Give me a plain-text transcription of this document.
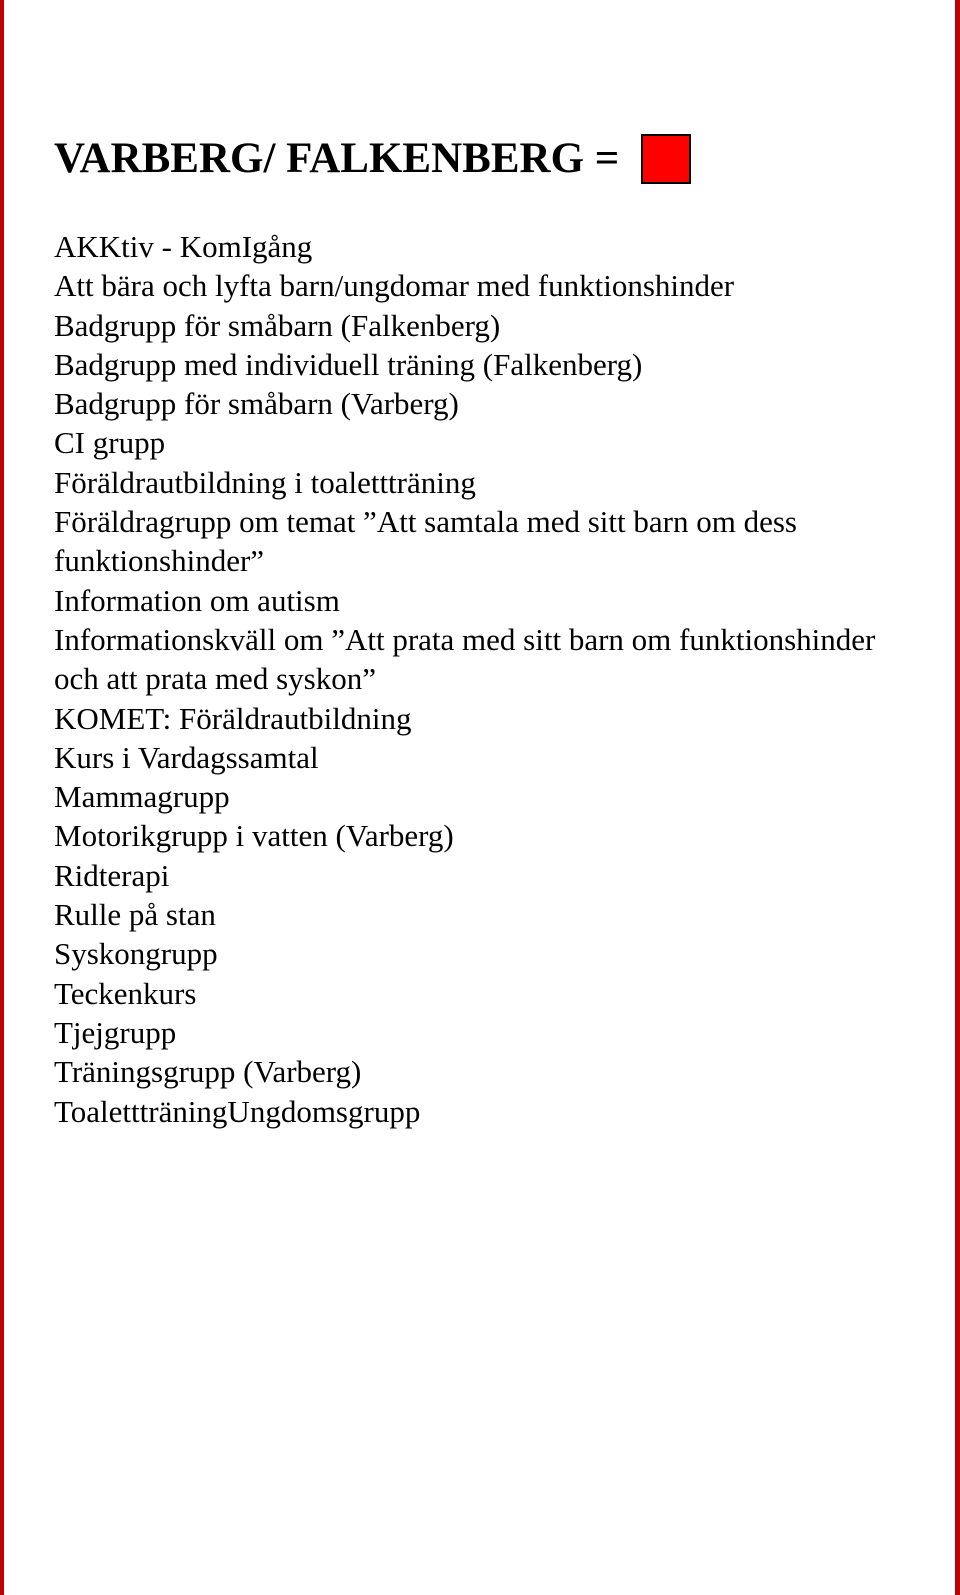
VARBERG/ FALKENBERG =
AKKtiv - KomIgång
Att bära och lyfta barn/ungdomar med funktionshinder
Badgrupp för småbarn (Falkenberg)
Badgrupp med individuell träning (Falkenberg)
Badgrupp för småbarn (Varberg)
CI grupp
Föräldrautbildning i toalettträning
Föräldragrupp om temat ”Att samtala med sitt barn om dess funktionshinder”
Information om autism
Informationskväll om ”Att prata med sitt barn om funktionshinder och att prata med syskon”
KOMET: Föräldrautbildning
Kurs i Vardagssamtal
Mammagrupp
Motorikgrupp i vatten (Varberg)
Ridterapi
Rulle på stan
Syskongrupp
Teckenkurs
Tjejgrupp
Träningsgrupp (Varberg)
ToalettträningUngdomsgrupp
